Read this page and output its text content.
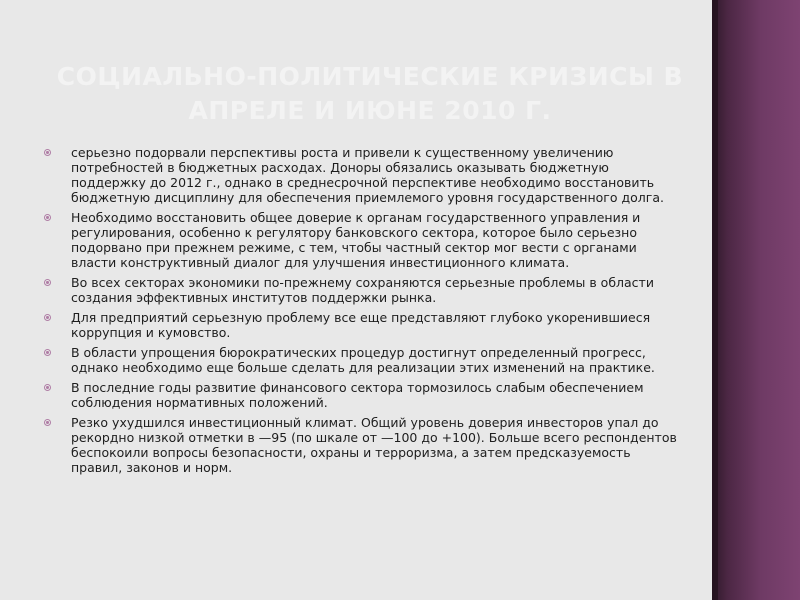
СОЦИАЛЬНО-ПОЛИТИЧЕСКИЕ КРИЗИСЫ В АПРЕЛЕ И ИЮНЕ 2010 Г.
серьезно подорвали перспективы роста и привели к существенному увеличению потребностей в бюджетных расходах. Доноры обязались оказывать бюджетную поддержку до 2012 г., однако в среднесрочной перспективе необходимо восстановить бюджетную дисциплину для обеспечения приемлемого уровня государственного долга.
Необходимо восстановить общее доверие к органам государственного управления и регулирования, особенно к регулятору банковского сектора, которое было серьезно подорвано при прежнем режиме, с тем, чтобы частный сектор мог вести с органами власти конструктивный диалог для улучшения инвестиционного климата.
Во всех секторах экономики по-прежнему сохраняются серьезные проблемы в области создания эффективных институтов поддержки рынка.
Для предприятий серьезную проблему все еще представляют глубоко укоренившиеся коррупция и кумовство.
В области упрощения бюрократических процедур достигнут определенный прогресс, однако необходимо еще больше сделать для реализации этих изменений на практике.
В последние годы развитие финансового сектора тормозилось слабым обеспечением соблюдения нормативных положений.
Резко ухудшился инвестиционный климат. Общий уровень доверия инвесторов упал до рекордно низкой отметки в —95 (по шкале от —100 до +100). Больше всего респондентов беспокоили вопросы безопасности, охраны и терроризма, а затем предсказуемость правил, законов и норм.
